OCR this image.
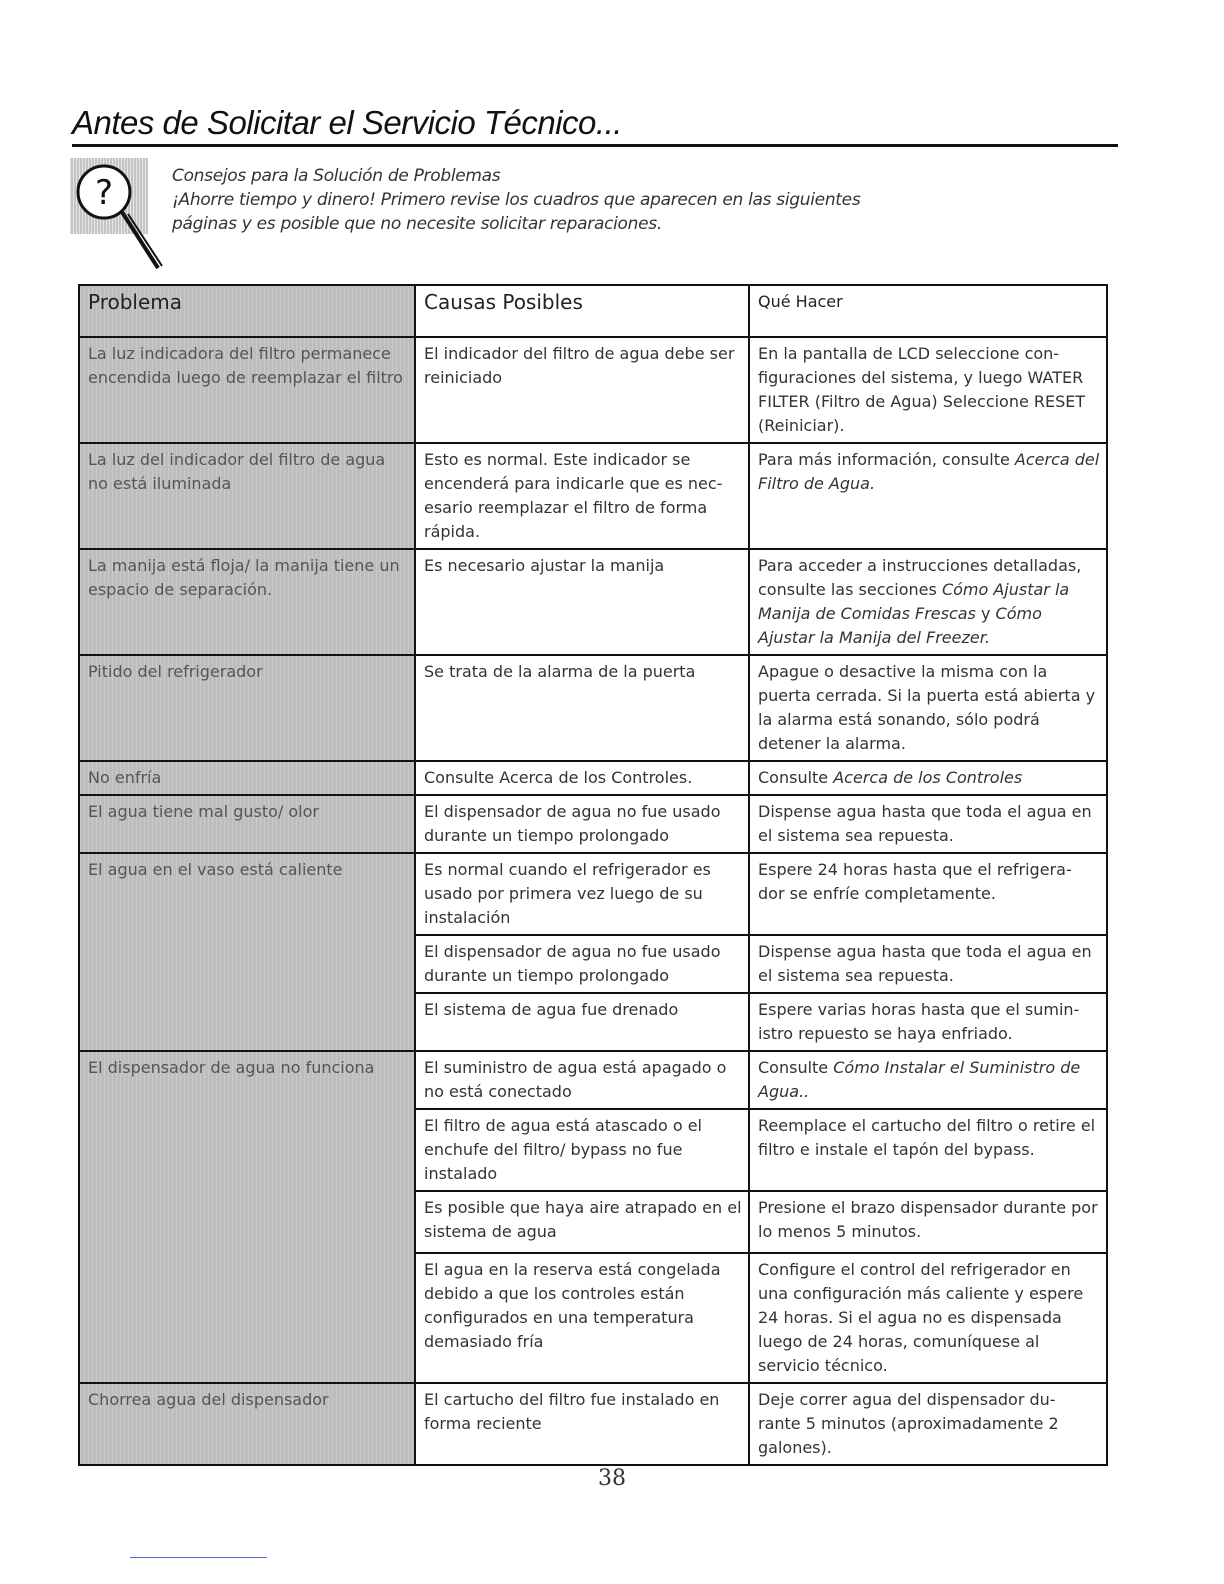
Antes de Solicitar el Servicio Técnico...
?	Consejos para la Solución de Problemas
¡Ahorre tiempo y dinero! Primero revise los cuadros que aparecen en las siguientes
páginas y es posible que no necesite solicitar reparaciones.
Problema	Causas Posibles	Qué Hacer
La luz indicadora del filtro permanece encendida luego de reemplazar el filtro	El indicador del filtro de agua debe ser reiniciado	En la pantalla de LCD seleccione con- figuraciones del sistema, y luego WATER FILTER (Filtro de Agua) Seleccione RESET (Reiniciar).
La luz del indicador del filtro de agua no está iluminada	Esto es normal. Este indicador se encenderá para indicarle que es nec- esario reemplazar el filtro de forma rápida.	Para más información, consulte Acerca del Filtro de Agua.
La manija está floja/ la manija tiene un espacio de separación.	Es necesario ajustar la manija	Para acceder a instrucciones detalladas, consulte las secciones Cómo Ajustar la Manija de Comidas Frescas y Cómo Ajustar la Manija del Freezer.
Pitido del refrigerador	Se trata de la alarma de la puerta	Apague o desactive la misma con la puerta cerrada. Si la puerta está abierta y la alarma está sonando, sólo podrá detener la alarma.
No enfría	Consulte Acerca de los Controles.	Consulte Acerca de los Controles
El agua tiene mal gusto/ olor	El dispensador de agua no fue usado durante un tiempo prolongado	Dispense agua hasta que toda el agua en el sistema sea repuesta.
El agua en el vaso está caliente	Es normal cuando el refrigerador es usado por primera vez luego de su instalación	Espere 24 horas hasta que el refrigera- dor se enfríe completamente.
	El dispensador de agua no fue usado durante un tiempo prolongado	Dispense agua hasta que toda el agua en el sistema sea repuesta.
	El sistema de agua fue drenado	Espere varias horas hasta que el sumin- istro repuesto se haya enfriado.
El dispensador de agua no funciona	El suministro de agua está apagado o no está conectado	Consulte Cómo Instalar el Suministro de Agua..
	El filtro de agua está atascado o el enchufe del filtro/ bypass no fue instalado	Reemplace el cartucho del filtro o retire el filtro e instale el tapón del bypass.
	Es posible que haya aire atrapado en el sistema de agua	Presione el brazo dispensador durante por lo menos 5 minutos.
	El agua en la reserva está congelada debido a que los controles están configurados en una temperatura demasiado fría	Configure el control del refrigerador en una configuración más caliente y espere 24 horas. Si el agua no es dispensada luego de 24 horas, comuníquese al servicio técnico.
Chorrea agua del dispensador	El cartucho del filtro fue instalado en forma reciente	Deje correr agua del dispensador du- rante 5 minutos (aproximadamente 2 galones).
38
